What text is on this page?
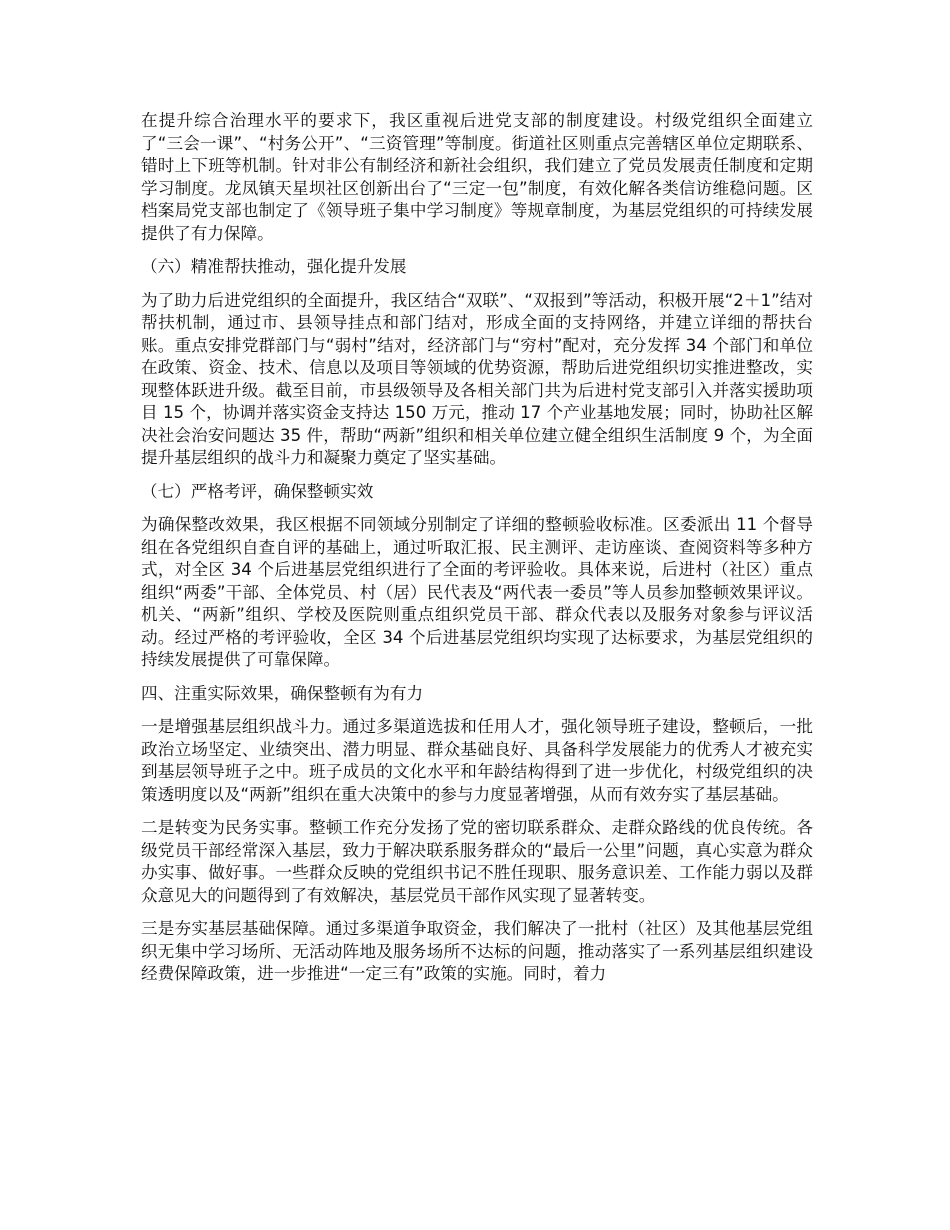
在提升综合治理水平的要求下，我区重视后进党支部的制度建设。村级党组织全面建立了“三会一课”、“村务公开”、“三资管理”等制度。街道社区则重点完善辖区单位定期联系、错时上下班等机制。针对非公有制经济和新社会组织，我们建立了党员发展责任制度和定期学习制度。龙凤镇天星坝社区创新出台了“三定一包”制度，有效化解各类信访维稳问题。区档案局党支部也制定了《领导班子集中学习制度》等规章制度，为基层党组织的可持续发展提供了有力保障。

（六）精准帮扶推动，强化提升发展

为了助力后进党组织的全面提升，我区结合“双联”、“双报到”等活动，积极开展“2＋1”结对帮扶机制，通过市、县领导挂点和部门结对，形成全面的支持网络，并建立详细的帮扶台账。重点安排党群部门与“弱村”结对，经济部门与“穷村”配对，充分发挥 34 个部门和单位在政策、资金、技术、信息以及项目等领域的优势资源，帮助后进党组织切实推进整改，实现整体跃进升级。截至目前，市县级领导及各相关部门共为后进村党支部引入并落实援助项目 15 个，协调并落实资金支持达 150 万元，推动 17 个产业基地发展；同时，协助社区解决社会治安问题达 35 件，帮助“两新”组织和相关单位建立健全组织生活制度 9 个，为全面提升基层组织的战斗力和凝聚力奠定了坚实基础。

（七）严格考评，确保整顿实效

为确保整改效果，我区根据不同领域分别制定了详细的整顿验收标准。区委派出 11 个督导组在各党组织自查自评的基础上，通过听取汇报、民主测评、走访座谈、查阅资料等多种方式，对全区 34 个后进基层党组织进行了全面的考评验收。具体来说，后进村（社区）重点组织“两委”干部、全体党员、村（居）民代表及“两代表一委员”等人员参加整顿效果评议。机关、“两新”组织、学校及医院则重点组织党员干部、群众代表以及服务对象参与评议活动。经过严格的考评验收，全区 34 个后进基层党组织均实现了达标要求，为基层党组织的持续发展提供了可靠保障。

四、注重实际效果，确保整顿有为有力

一是增强基层组织战斗力。通过多渠道选拔和任用人才，强化领导班子建设，整顿后，一批政治立场坚定、业绩突出、潜力明显、群众基础良好、具备科学发展能力的优秀人才被充实到基层领导班子之中。班子成员的文化水平和年龄结构得到了进一步优化，村级党组织的决策透明度以及“两新”组织在重大决策中的参与力度显著增强，从而有效夯实了基层基础。

二是转变为民务实事。整顿工作充分发扬了党的密切联系群众、走群众路线的优良传统。各级党员干部经常深入基层，致力于解决联系服务群众的“最后一公里”问题，真心实意为群众办实事、做好事。一些群众反映的党组织书记不胜任现职、服务意识差、工作能力弱以及群众意见大的问题得到了有效解决，基层党员干部作风实现了显著转变。

三是夯实基层基础保障。通过多渠道争取资金，我们解决了一批村（社区）及其他基层党组织无集中学习场所、无活动阵地及服务场所不达标的问题，推动落实了一系列基层组织建设经费保障政策，进一步推进“一定三有”政策的实施。同时，着力
